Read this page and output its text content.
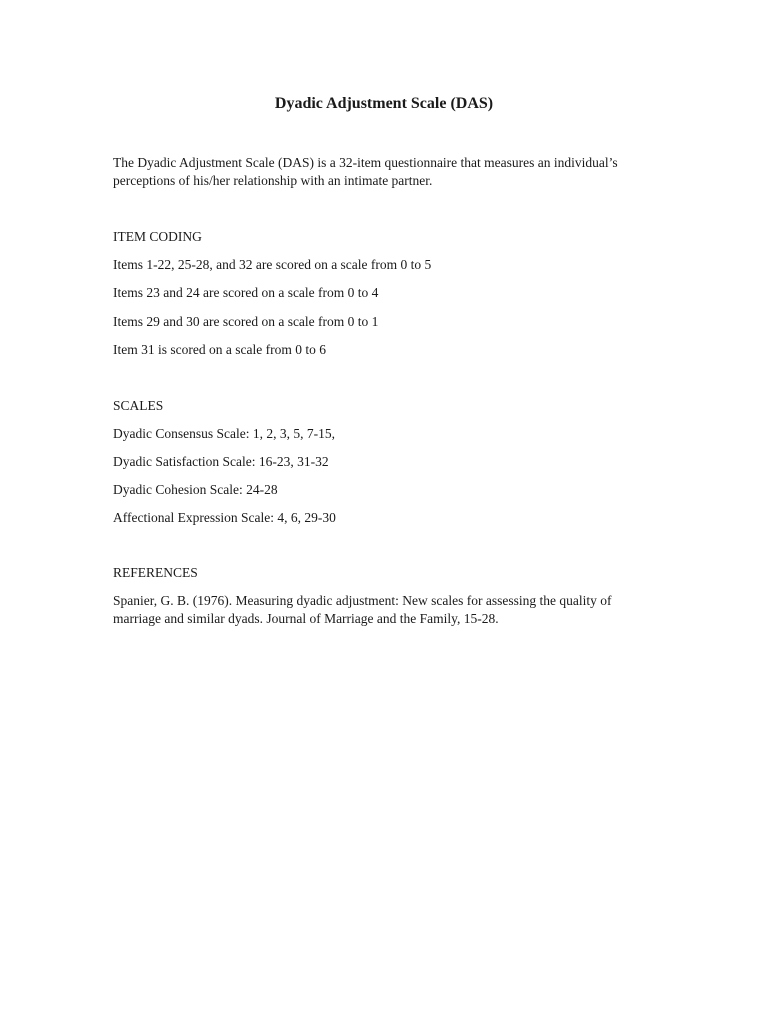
Dyadic Adjustment Scale (DAS)

The Dyadic Adjustment Scale (DAS) is a 32-item questionnaire that measures an individual’s perceptions of his/her relationship with an intimate partner.

ITEM CODING

Items 1-22, 25-28, and 32 are scored on a scale from 0 to 5

Items 23 and 24 are scored on a scale from 0 to 4

Items 29 and 30 are scored on a scale from 0 to 1

Item 31 is scored on a scale from 0 to 6

SCALES

Dyadic Consensus Scale: 1, 2, 3, 5, 7-15,

Dyadic Satisfaction Scale: 16-23, 31-32

Dyadic Cohesion Scale: 24-28

Affectional Expression Scale: 4, 6, 29-30

REFERENCES

Spanier, G. B. (1976). Measuring dyadic adjustment: New scales for assessing the quality of marriage and similar dyads. Journal of Marriage and the Family, 15-28.
